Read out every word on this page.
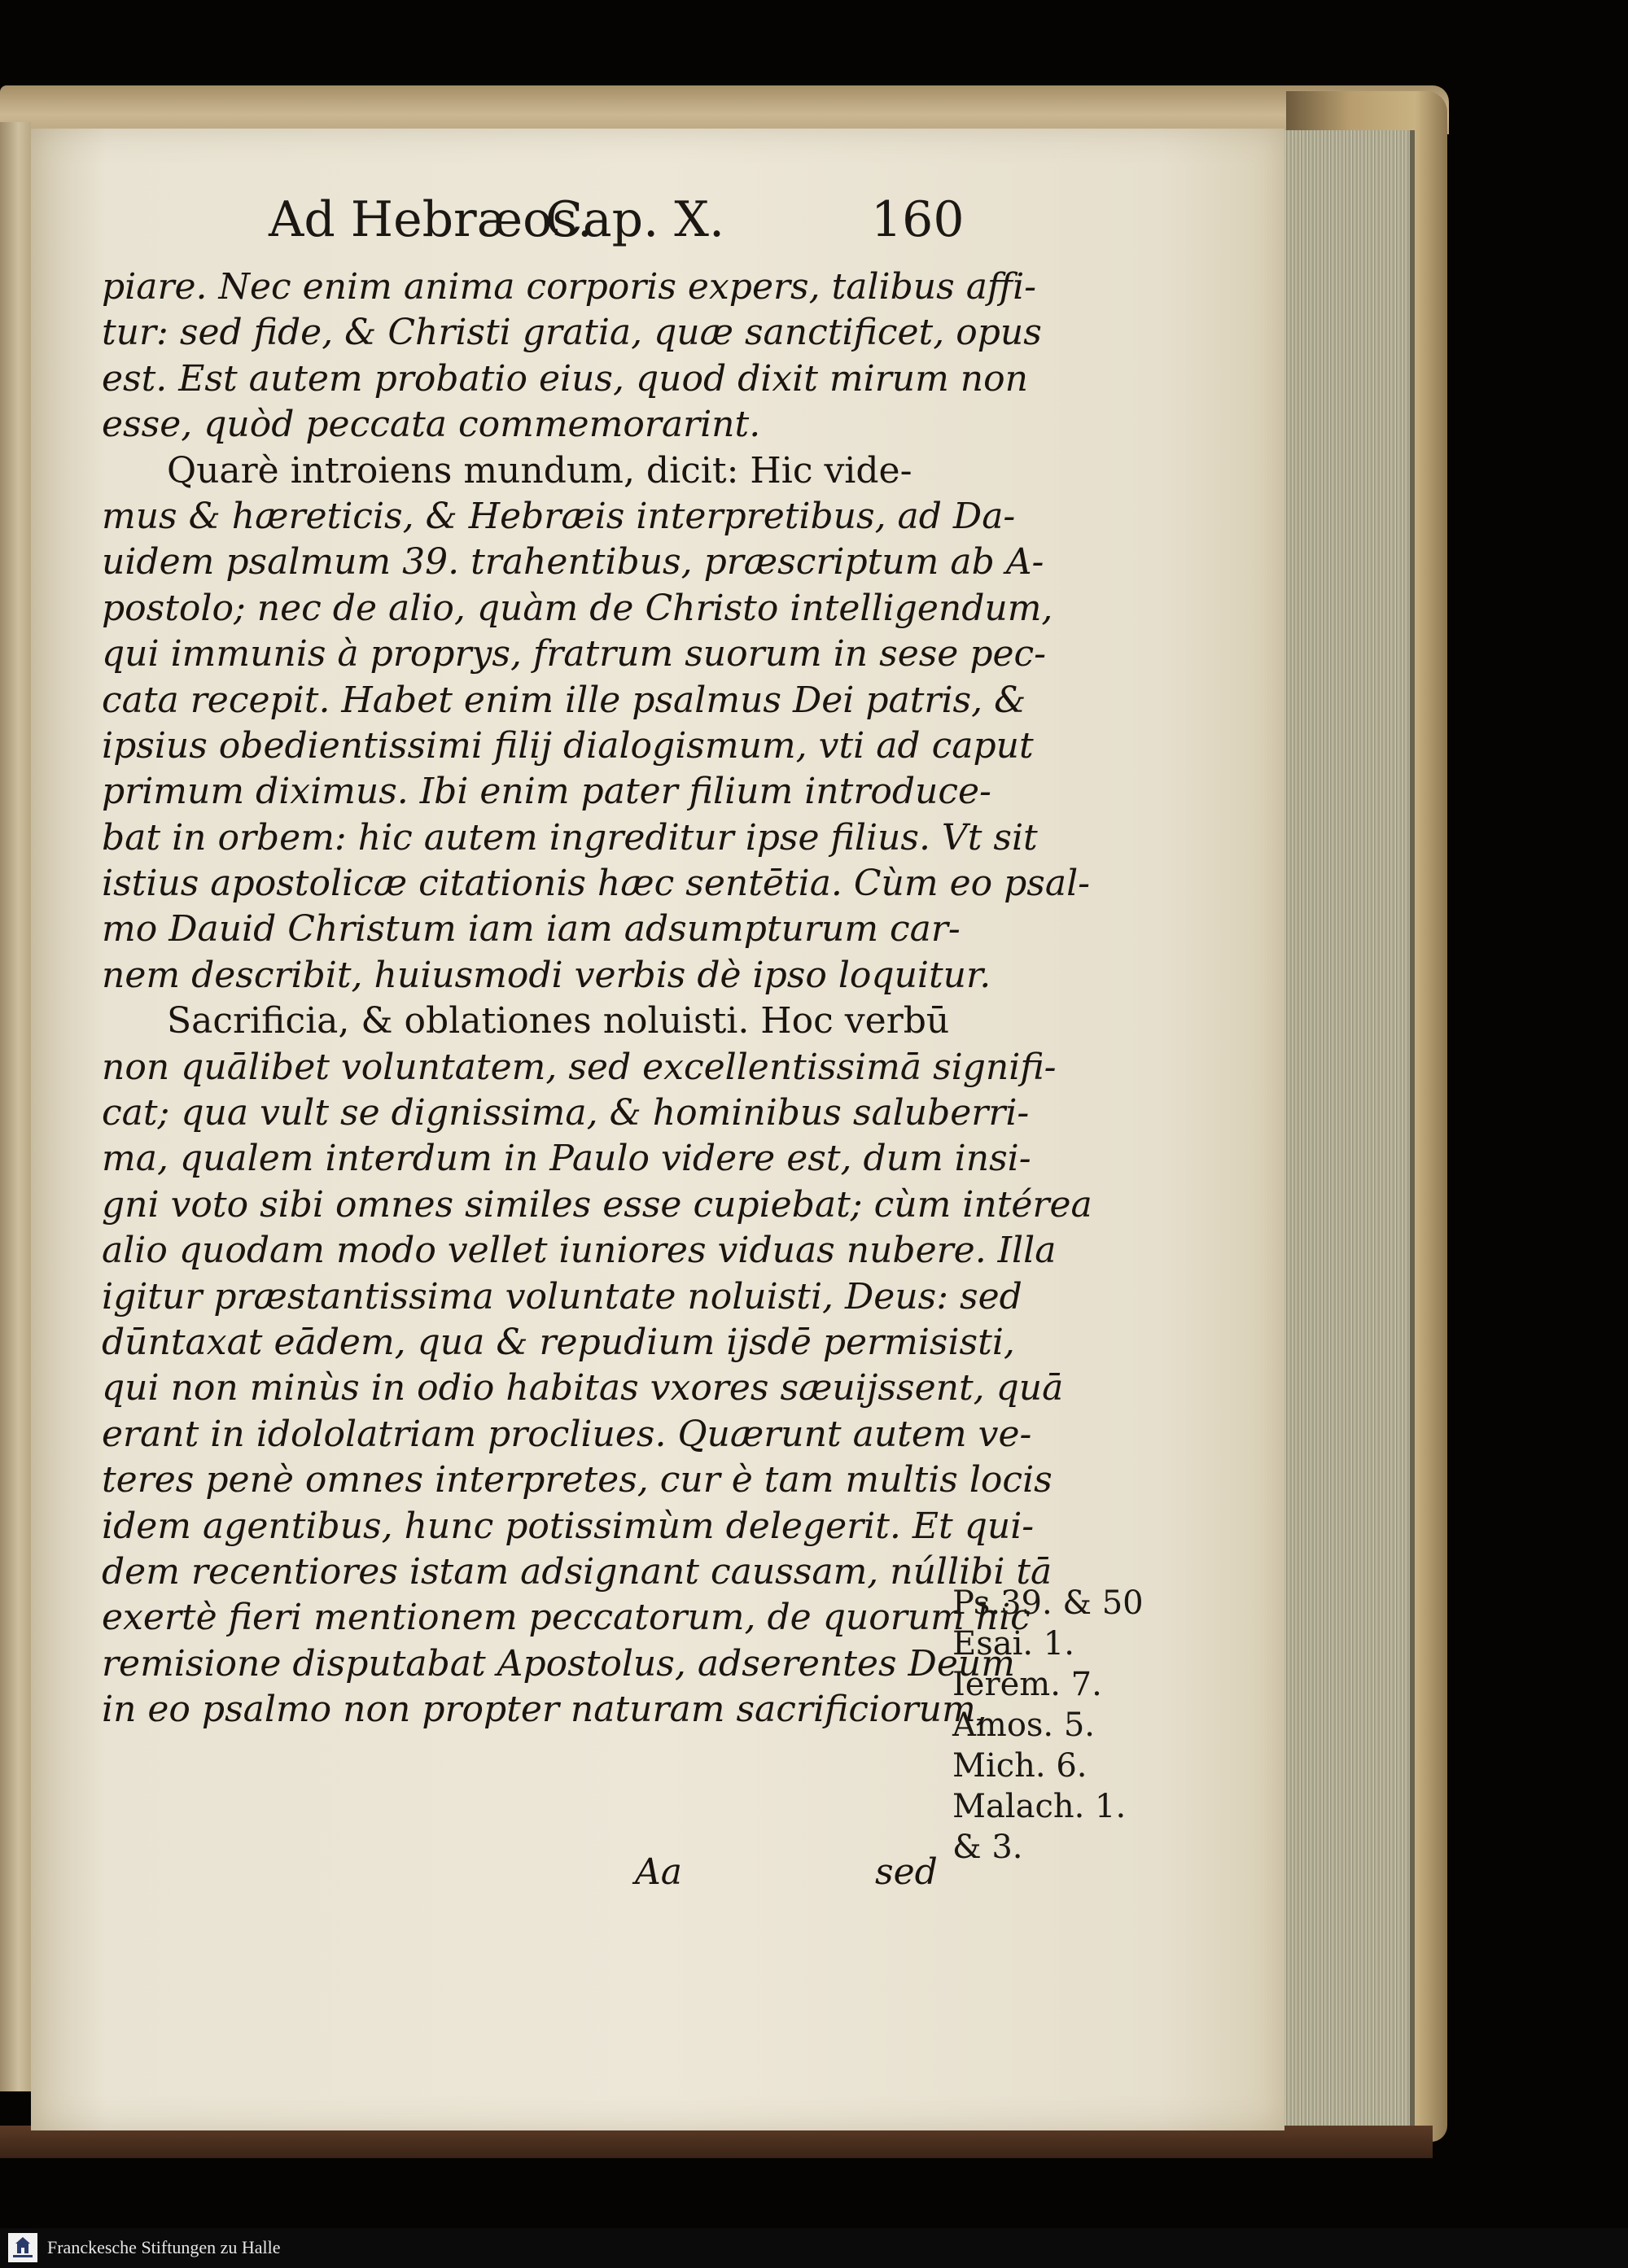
Ad Hebræos.
Cap. X.	160
piare. Nec enim anima corporis expers, talibus affi-
tur: sed fide, & Christi gratia, quæ sanctificet, opus
est. Est autem probatio eius, quod dixit mirum non
esse, quòd peccata commemorarint.
Quarè introiens mundum, dicit: Hic vide-
mus & hæreticis, & Hebræis interpretibus, ad Da-
uidem psalmum 39. trahentibus, præscriptum ab A-
postolo; nec de alio, quàm de Christo intelligendum,
qui immunis à proprys, fratrum suorum in sese pec-
cata recepit. Habet enim ille psalmus Dei patris, &
ipsius obedientissimi filij dialogismum, vti ad caput
primum diximus. Ibi enim pater filium introduce-
bat in orbem: hic autem ingreditur ipse filius. Vt sit
istius apostolicæ citationis hæc sentētia. Cùm eo psal-
mo Dauid Christum iam iam adsumpturum car-
nem describit, huiusmodi verbis dè ipso loquitur.
Sacrificia, & oblationes noluisti. Hoc verbū
non quālibet voluntatem, sed excellentissimā signifi-
cat; qua vult se dignissima, & hominibus saluberri-
ma, qualem interdum in Paulo videre est, dum insi-
gni voto sibi omnes similes esse cupiebat; cùm intérea
alio quodam modo vellet iuniores viduas nubere. Illa
igitur præstantissima voluntate noluisti, Deus: sed
dūntaxat eādem, qua & repudium ijsdē permisisti,
qui non minùs in odio habitas vxores sæuijssent, quā
erant in idololatriam procliues. Quærunt autem ve-
teres penè omnes interpretes, cur è tam multis locis
idem agentibus, hunc potissimùm delegerit. Et qui-
dem recentiores istam adsignant caussam, núllibi tā
exertè fieri mentionem peccatorum, de quorum hic
remisione disputabat Apostolus, adserentes Deum
in eo psalmo non propter naturam sacrificiorum,
Ps.39. & 50
Esai. 1.
Ierem. 7.
Amos. 5.
Mich. 6.
Malach. 1.
& 3.
Aa	sed
Franckesche Stiftungen zu Halle
